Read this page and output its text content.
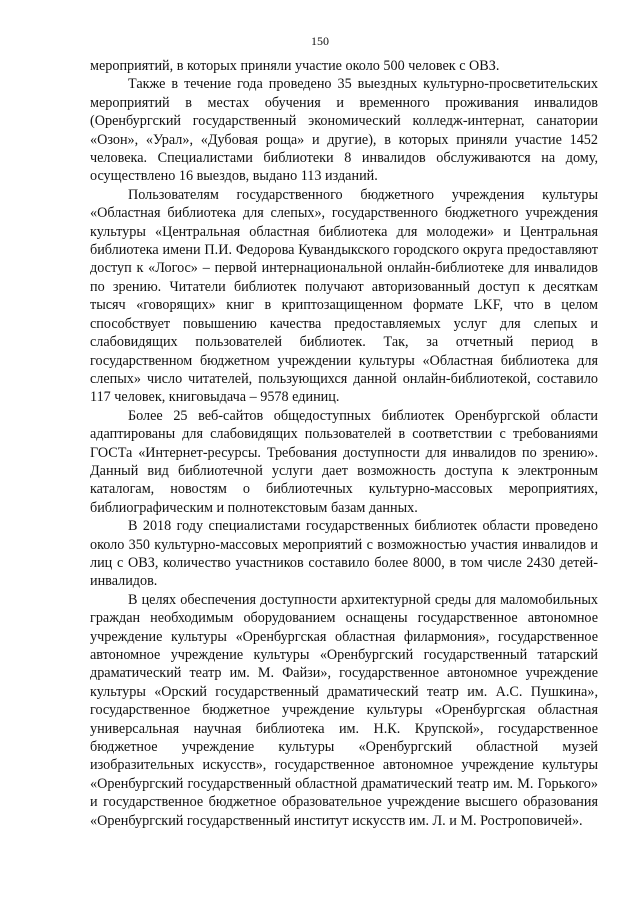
150

мероприятий, в которых приняли участие около 500 человек с ОВЗ.

Также в течение года проведено 35 выездных культурно-просветительских мероприятий в местах обучения и временного проживания инвалидов (Оренбургский государственный экономический колледж-интернат, санатории «Озон», «Урал», «Дубовая роща» и другие), в которых приняли участие 1452 человека. Специалистами библиотеки 8 инвалидов обслуживаются на дому, осуществлено 16 выездов, выдано 113 изданий.

Пользователям государственного бюджетного учреждения культуры «Областная библиотека для слепых», государственного бюджетного учреждения культуры «Центральная областная библиотека для молодежи» и Центральная библиотека имени П.И. Федорова Кувандыкского городского округа предоставляют доступ к «Логос» – первой интернациональной онлайн-библиотеке для инвалидов по зрению. Читатели библиотек получают авторизованный доступ к десяткам тысяч «говорящих» книг в криптозащищенном формате LKF, что в целом способствует повышению качества предоставляемых услуг для слепых и слабовидящих пользователей библиотек. Так, за отчетный период в государственном бюджетном учреждении культуры «Областная библиотека для слепых» число читателей, пользующихся данной онлайн-библиотекой, составило 117 человек, книговыдача – 9578 единиц.

Более 25 веб-сайтов общедоступных библиотек Оренбургской области адаптированы для слабовидящих пользователей в соответствии с требованиями ГОСТа «Интернет-ресурсы. Требования доступности для инвалидов по зрению». Данный вид библиотечной услуги дает возможность доступа к электронным каталогам, новостям о библиотечных культурно-массовых мероприятиях, библиографическим и полнотекстовым базам данных.

В 2018 году специалистами государственных библиотек области проведено около 350 культурно-массовых мероприятий с возможностью участия инвалидов и лиц с ОВЗ, количество участников составило более 8000, в том числе 2430 детей-инвалидов.

В целях обеспечения доступности архитектурной среды для маломобильных граждан необходимым оборудованием оснащены государственное автономное учреждение культуры «Оренбургская областная филармония», государственное автономное учреждение культуры «Оренбургский государственный татарский драматический театр им. М. Файзи», государственное автономное учреждение культуры «Орский государственный драматический театр им. А.С. Пушкина», государственное бюджетное учреждение культуры «Оренбургская областная универсальная научная библиотека им. Н.К. Крупской», государственное бюджетное учреждение культуры «Оренбургский областной музей изобразительных искусств», государственное автономное учреждение культуры «Оренбургский государственный областной драматический театр им. М. Горького» и государственное бюджетное образовательное учреждение высшего образования «Оренбургский государственный институт искусств им. Л. и М. Ростроповичей».
